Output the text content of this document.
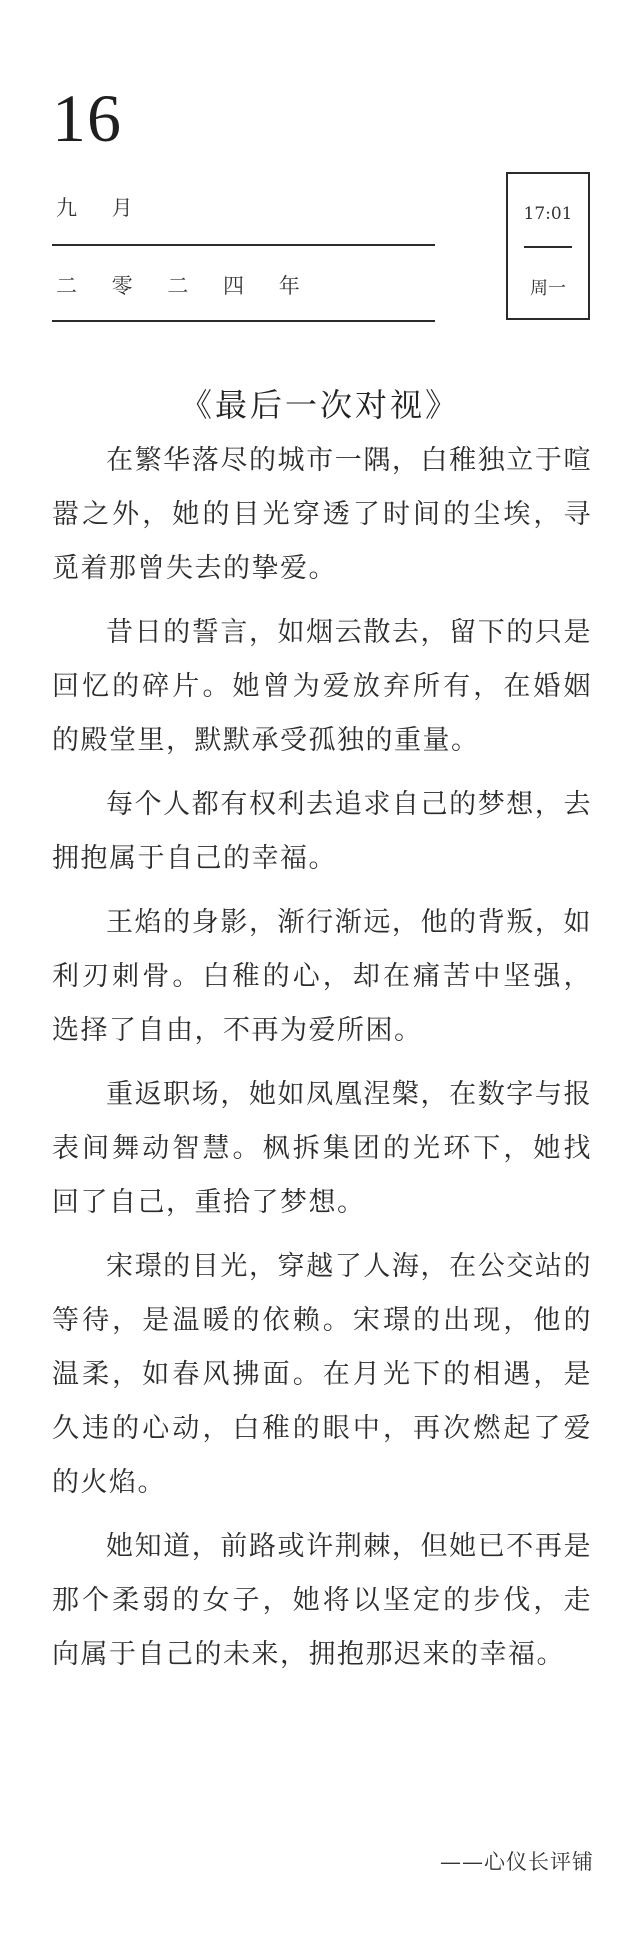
16
九 月
二 零 二 四 年
17:01
周一
《最后一次对视》

在繁华落尽的城市一隅，白稚独立于喧嚣之外，她的目光穿透了时间的尘埃，寻觅着那曾失去的挚爱。

昔日的誓言，如烟云散去，留下的只是回忆的碎片。她曾为爱放弃所有，在婚姻的殿堂里，默默承受孤独的重量。

每个人都有权利去追求自己的梦想，去拥抱属于自己的幸福。

王焰的身影，渐行渐远，他的背叛，如利刃刺骨。白稚的心，却在痛苦中坚强，选择了自由，不再为爱所困。

重返职场，她如凤凰涅槃，在数字与报表间舞动智慧。枫拆集团的光环下，她找回了自己，重拾了梦想。

宋璟的目光，穿越了人海，在公交站的等待，是温暖的依赖。宋璟的出现，他的温柔，如春风拂面。在月光下的相遇，是久违的心动，白稚的眼中，再次燃起了爱的火焰。

她知道，前路或许荆棘，但她已不再是那个柔弱的女子，她将以坚定的步伐，走向属于自己的未来，拥抱那迟来的幸福。

——心仪长评铺
